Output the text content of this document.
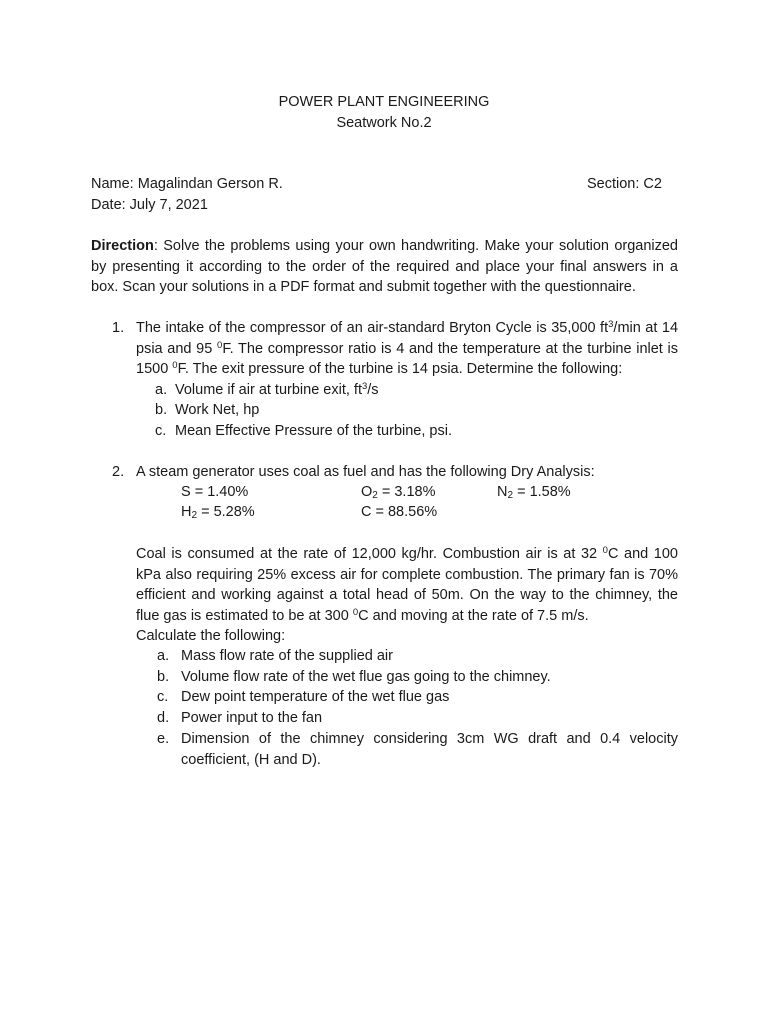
POWER PLANT ENGINEERING
Seatwork No.2
Name: Magalindan Gerson R.	Section: C2
Date: July 7, 2021
Direction: Solve the problems using your own handwriting. Make your solution organized by presenting it according to the order of the required and place your final answers in a box. Scan your solutions in a PDF format and submit together with the questionnaire.
1. The intake of the compressor of an air-standard Bryton Cycle is 35,000 $ft^3/\min$ at 14 psia and 95 $^0$F. The compressor ratio is 4 and the temperature at the turbine inlet is 1500 $^0$F. The exit pressure of the turbine is 14 psia. Determine the following:
a. Volume if air at turbine exit, $ft^3/s$
b. Work Net, hp
c. Mean Effective Pressure of the turbine, psi.
2. A steam generator uses coal as fuel and has the following Dry Analysis:
S = 1.40%	$O_2 = 3.18\%$	$N_2 = 1.58\%$
$H_2 = 5.28\%$	C = 88.56%
Coal is consumed at the rate of 12,000 kg/hr. Combustion air is at 32 $^0$C and 100 kPa also requiring 25% excess air for complete combustion. The primary fan is 70% efficient and working against a total head of 50m. On the way to the chimney, the flue gas is estimated to be at 300 $^0$C and moving at the rate of 7.5 m/s.
Calculate the following:
a. Mass flow rate of the supplied air
b. Volume flow rate of the wet flue gas going to the chimney.
c. Dew point temperature of the wet flue gas
d. Power input to the fan
e. Dimension of the chimney considering 3cm WG draft and 0.4 velocity coefficient, (H and D).
